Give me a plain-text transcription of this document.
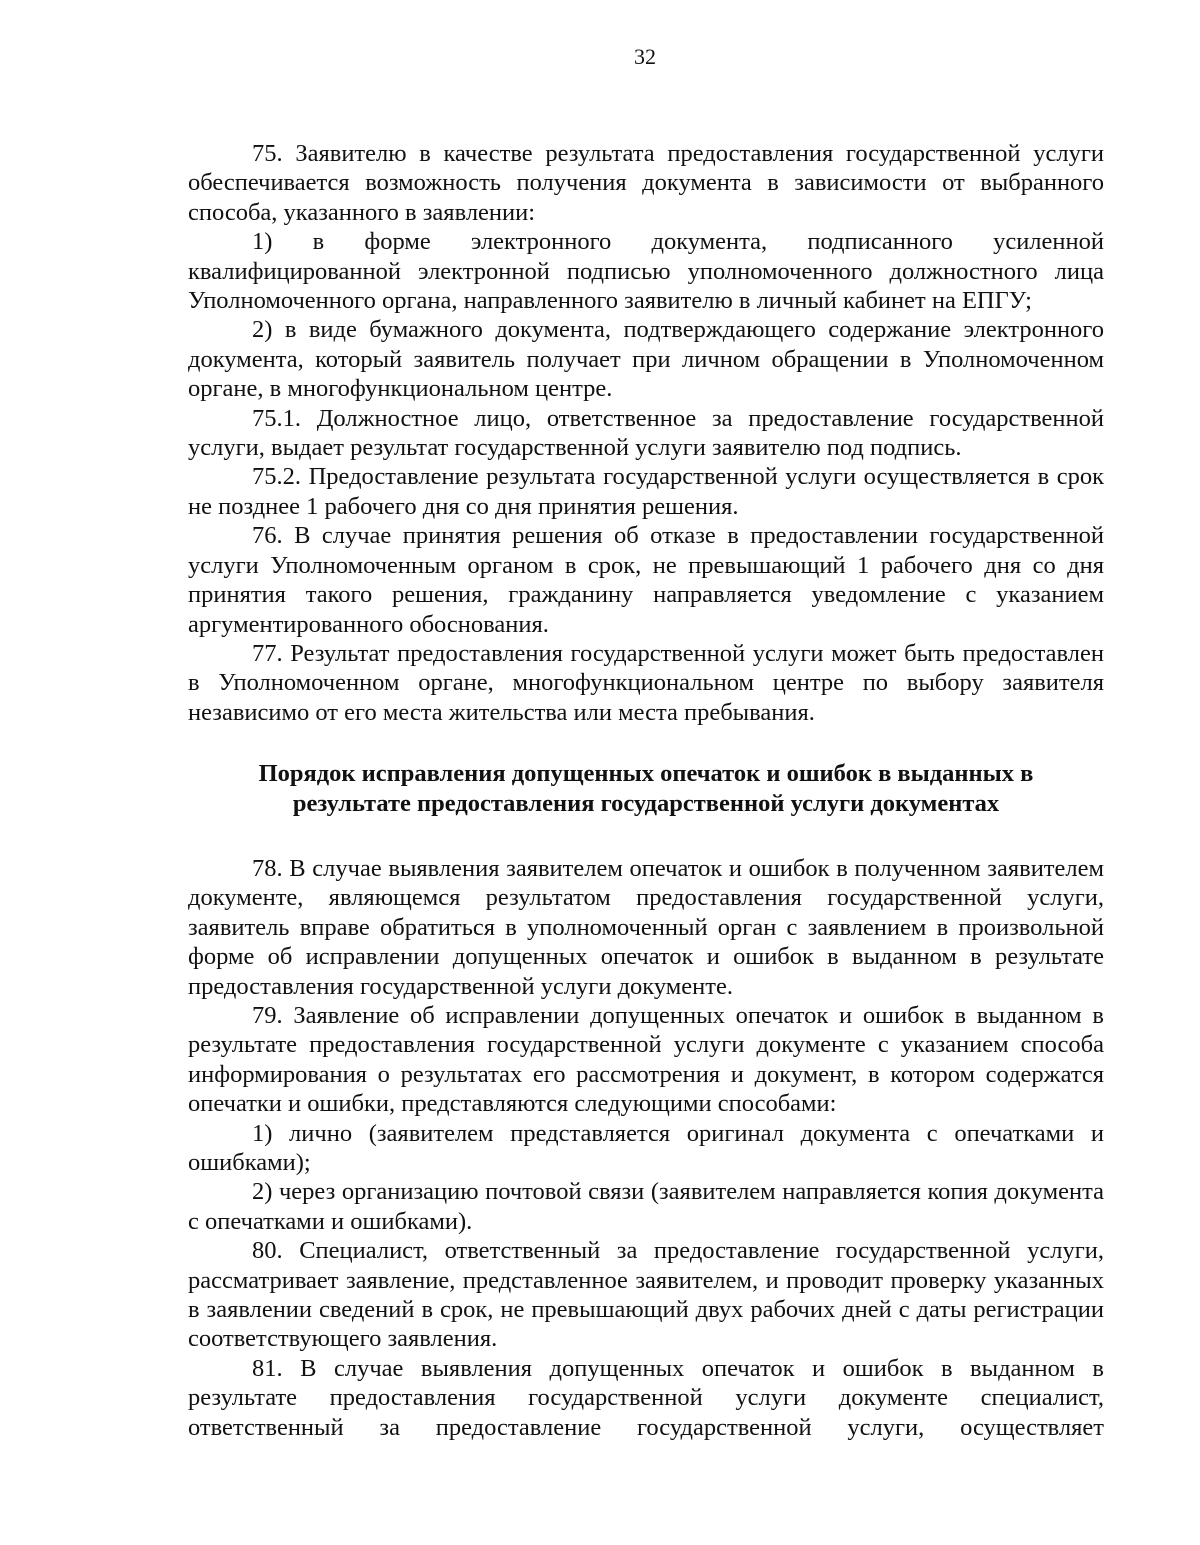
32

75. Заявителю в качестве результата предоставления государственной услуги обеспечивается возможность получения документа в зависимости от выбранного способа, указанного в заявлении:

1) в форме электронного документа, подписанного усиленной квалифицированной электронной подписью уполномоченного должностного лица Уполномоченного органа, направленного заявителю в личный кабинет на ЕПГУ;

2) в виде бумажного документа, подтверждающего содержание электронного документа, который заявитель получает при личном обращении в Уполномоченном органе, в многофункциональном центре.

75.1. Должностное лицо, ответственное за предоставление государственной услуги, выдает результат государственной услуги заявителю под подпись.

75.2. Предоставление результата государственной услуги осуществляется в срок не позднее 1 рабочего дня со дня принятия решения.

76. В случае принятия решения об отказе в предоставлении государственной услуги Уполномоченным органом в срок, не превышающий 1 рабочего дня со дня принятия такого решения, гражданину направляется уведомление с указанием аргументированного обоснования.

77. Результат предоставления государственной услуги может быть предоставлен в Уполномоченном органе, многофункциональном центре по выбору заявителя независимо от его места жительства или места пребывания.

Порядок исправления допущенных опечаток и ошибок в выданных в
результате предоставления государственной услуги документах

78. В случае выявления заявителем опечаток и ошибок в полученном заявителем документе, являющемся результатом предоставления государственной услуги, заявитель вправе обратиться в уполномоченный орган с заявлением в произвольной форме об исправлении допущенных опечаток и ошибок в выданном в результате предоставления государственной услуги документе.

79. Заявление об исправлении допущенных опечаток и ошибок в выданном в результате предоставления государственной услуги документе с указанием способа информирования о результатах его рассмотрения и документ, в котором содержатся опечатки и ошибки, представляются следующими способами:

1) лично (заявителем представляется оригинал документа с опечатками и ошибками);

2) через организацию почтовой связи (заявителем направляется копия документа с опечатками и ошибками).

80. Специалист, ответственный за предоставление государственной услуги, рассматривает заявление, представленное заявителем, и проводит проверку указанных в заявлении сведений в срок, не превышающий двух рабочих дней с даты регистрации соответствующего заявления.

81. В случае выявления допущенных опечаток и ошибок в выданном в результате предоставления государственной услуги документе специалист, ответственный за предоставление государственной услуги, осуществляет
